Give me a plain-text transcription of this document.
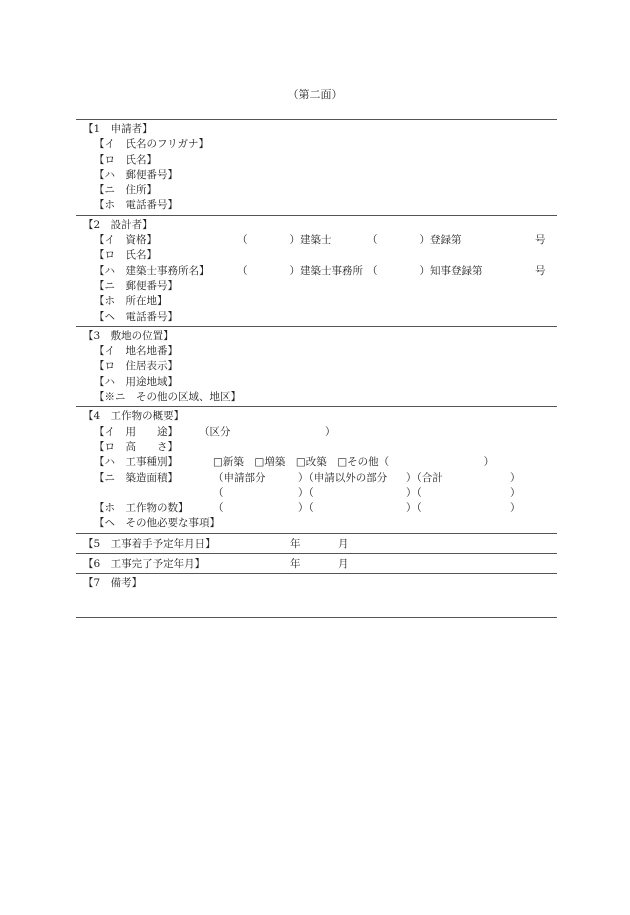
（第二面）
【1　申請者】
【イ　氏名のフリガナ】
【ロ　氏名】
【ハ　郵便番号】
【ニ　住所】
【ホ　電話番号】
【2　設計者】
【イ　資格】	（　　　　）建築士	（　　　　）登録第	号
【ロ　氏名】
【ハ　建築士事務所名】	（　　　　）建築士事務所 （　　　　）知事登録第	号
【ニ　郵便番号】
【ホ　所在地】
【ヘ　電話番号】
【3　敷地の位置】
【イ　地名地番】
【ロ　住居表示】
【ハ　用途地域】
【※ニ　その他の区域、地区】
【4　工作物の概要】
【イ　用　　途】 （区分　　　　　　　　　）
【ロ　高　　さ】
【ハ　工事種別】	□新築　□増築　□改築　□その他（　　　　　　　　　）
【ニ　築造面積】	（申請部分	）（申請以外の部分 ）（合計	）
（	）（	）（	）
【ホ　工作物の数】 （	）（	）（	）
【ヘ　その他必要な事項】
【5　工事着手予定年月日】	年	月
【6　工事完了予定年月】	年	月
【7　備考】
